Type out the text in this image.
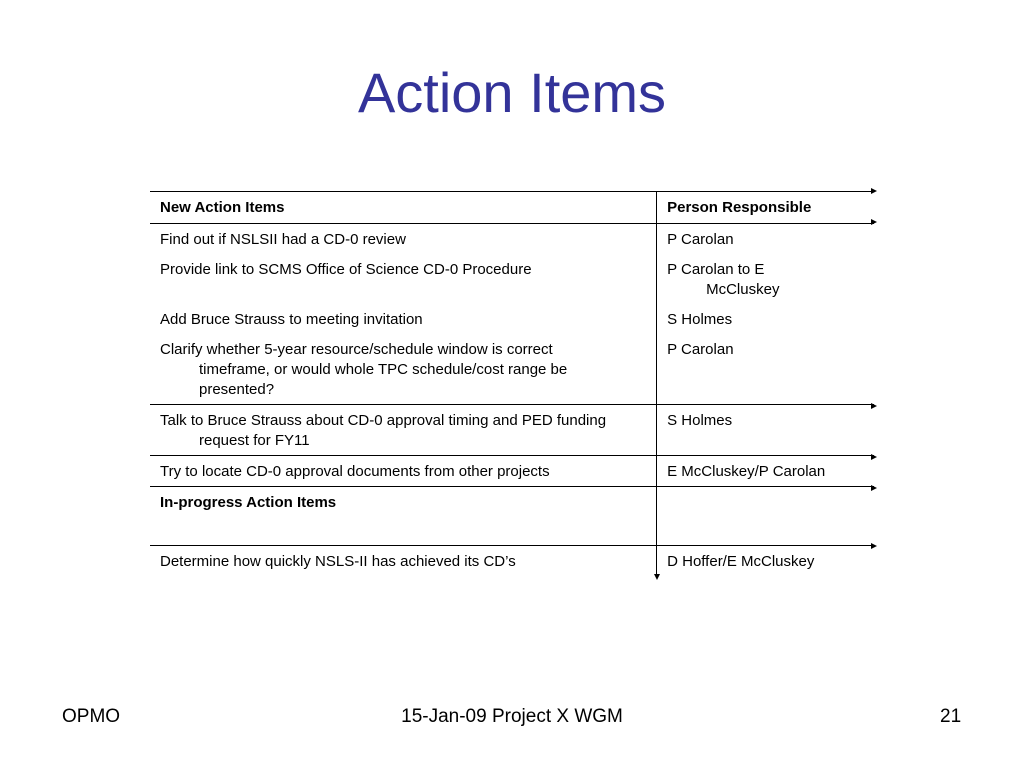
Action Items
New Action Items	Person Responsible

Find out if NSLSII had a CD-0 review	P Carolan

Provide link to SCMS Office of Science CD-0 Procedure	P Carolan to E McCluskey

Add Bruce Strauss to meeting invitation	S Holmes

Clarify whether 5-year resource/schedule window is correct timeframe, or would whole TPC schedule/cost range be presented?	P Carolan

Talk to Bruce Strauss about CD-0 approval timing and PED funding request for FY11	S Holmes

Try to locate CD-0 approval documents from other projects	E McCluskey/P Carolan

In-progress Action Items	

Determine how quickly NSLS-II has achieved its CD’s	D Hoffer/E McCluskey
OPMO	15-Jan-09 Project X WGM	21
